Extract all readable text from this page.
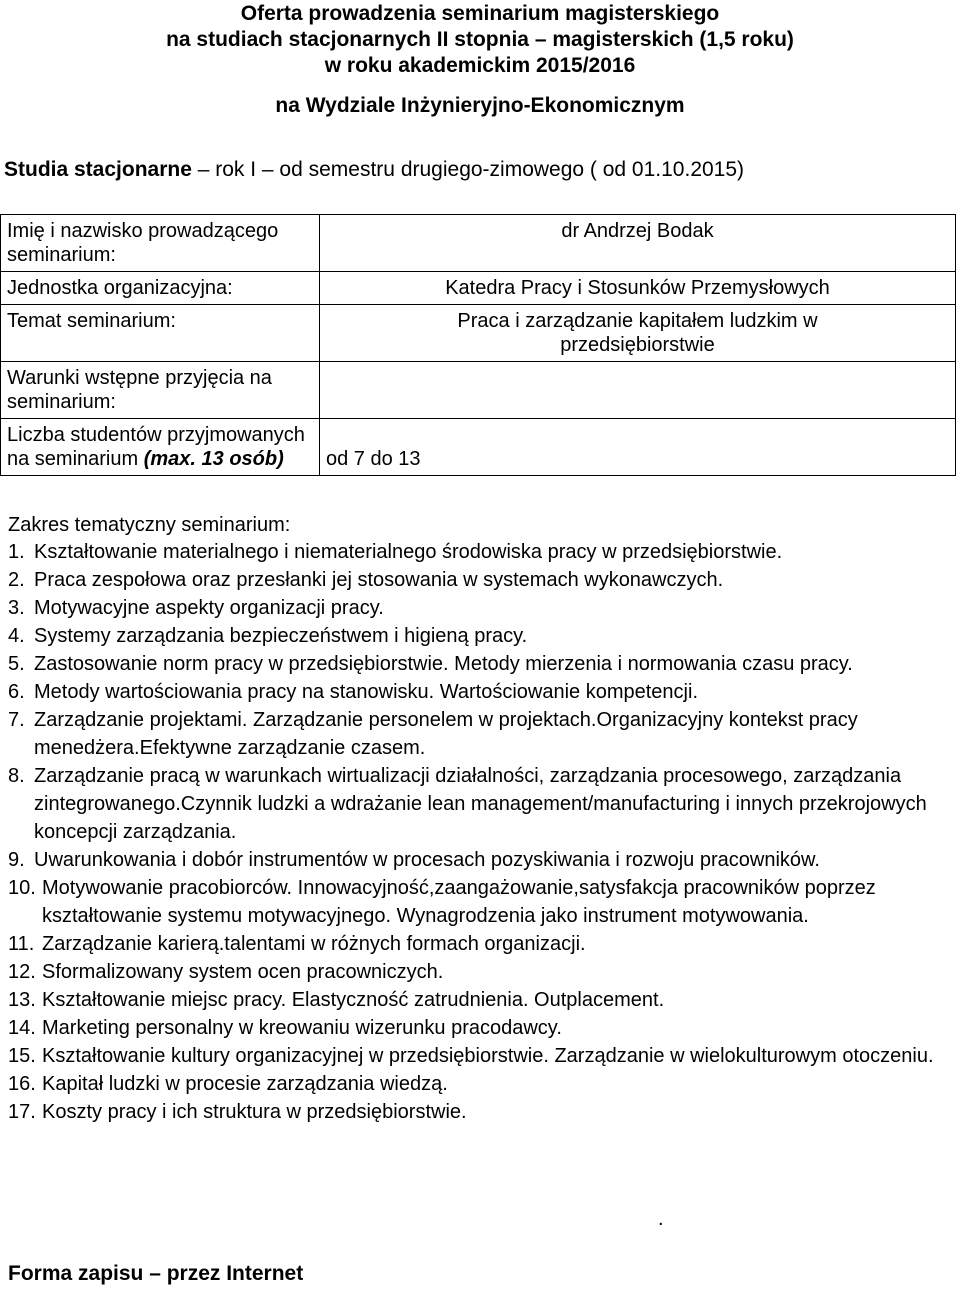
Oferta prowadzenia seminarium magisterskiego
na studiach stacjonarnych II stopnia – magisterskich (1,5 roku)
w roku akademickim 2015/2016
na Wydziale Inżynieryjno-Ekonomicznym
Studia stacjonarne – rok I – od semestru drugiego-zimowego ( od 01.10.2015)
Imię i nazwisko prowadzącego seminarium:	dr Andrzej Bodak
Jednostka organizacyjna:	Katedra Pracy i Stosunków Przemysłowych
Temat seminarium:	Praca i zarządzanie kapitałem ludzkim w przedsiębiorstwie
Warunki wstępne przyjęcia na seminarium:	
Liczba studentów przyjmowanych na seminarium (max. 13 osób)	od 7 do 13
Zakres tematyczny seminarium:
1. Kształtowanie materialnego i niematerialnego środowiska pracy w przedsiębiorstwie.
2. Praca zespołowa oraz przesłanki jej stosowania w systemach wykonawczych.
3. Motywacyjne aspekty organizacji pracy.
4. Systemy zarządzania bezpieczeństwem i higieną pracy.
5. Zastosowanie norm pracy w przedsiębiorstwie. Metody mierzenia i normowania czasu pracy.
6. Metody wartościowania pracy na stanowisku. Wartościowanie kompetencji.
7. Zarządzanie projektami. Zarządzanie personelem w projektach.Organizacyjny kontekst pracy menedżera.Efektywne zarządzanie czasem.
8. Zarządzanie pracą w warunkach wirtualizacji działalności, zarządzania procesowego, zarządzania zintegrowanego.Czynnik ludzki a wdrażanie lean management/manufacturing i innych przekrojowych koncepcji zarządzania.
9. Uwarunkowania i dobór instrumentów w procesach pozyskiwania i rozwoju pracowników.
10. Motywowanie pracobiorców. Innowacyjność,zaangażowanie,satysfakcja pracowników poprzez kształtowanie systemu motywacyjnego. Wynagrodzenia jako instrument motywowania.
11. Zarządzanie karierą.talentami w różnych formach organizacji.
12. Sformalizowany system ocen pracowniczych.
13. Kształtowanie miejsc pracy. Elastyczność zatrudnienia. Outplacement.
14. Marketing personalny w kreowaniu wizerunku pracodawcy.
15. Kształtowanie kultury organizacyjnej w przedsiębiorstwie. Zarządzanie w wielokulturowym otoczeniu.
16. Kapitał ludzki w procesie zarządzania wiedzą.
17. Koszty pracy i ich struktura w przedsiębiorstwie.
.
Forma zapisu – przez Internet
